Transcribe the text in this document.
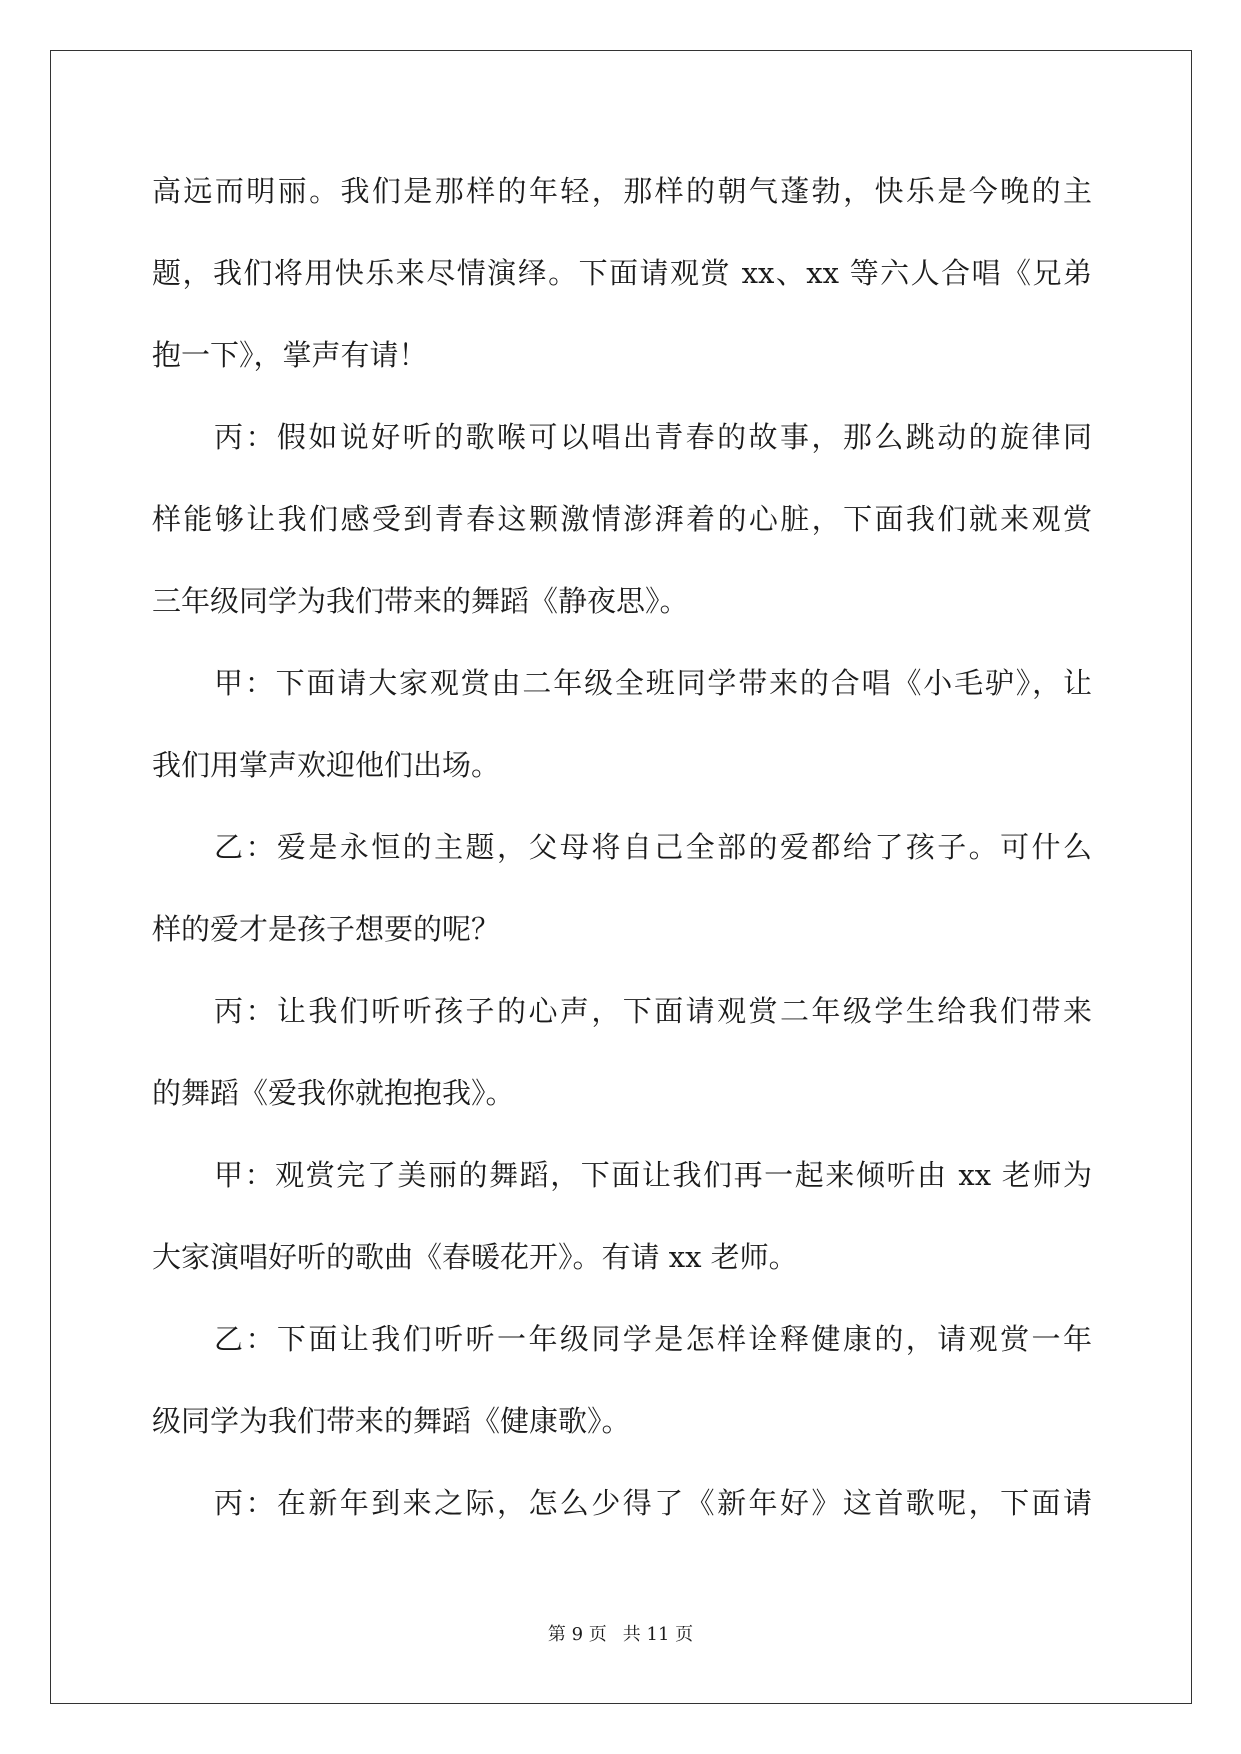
高远而明丽。我们是那样的年轻，那样的朝气蓬勃，快乐是今晚的主
题，我们将用快乐来尽情演绎。下面请观赏 xx、xx 等六人合唱《兄弟
抱一下》，掌声有请！
丙：假如说好听的歌喉可以唱出青春的故事，那么跳动的旋律同
样能够让我们感受到青春这颗激情澎湃着的心脏，下面我们就来观赏
三年级同学为我们带来的舞蹈《静夜思》。
甲：下面请大家观赏由二年级全班同学带来的合唱《小毛驴》，让
我们用掌声欢迎他们出场。
乙：爱是永恒的主题，父母将自己全部的爱都给了孩子。可什么
样的爱才是孩子想要的呢？
丙：让我们听听孩子的心声，下面请观赏二年级学生给我们带来
的舞蹈《爱我你就抱抱我》。
甲：观赏完了美丽的舞蹈，下面让我们再一起来倾听由 xx 老师为
大家演唱好听的歌曲《春暖花开》。有请 xx 老师。
乙：下面让我们听听一年级同学是怎样诠释健康的，请观赏一年
级同学为我们带来的舞蹈《健康歌》。
丙：在新年到来之际，怎么少得了《新年好》这首歌呢，下面请
第 9 页 共 11 页
